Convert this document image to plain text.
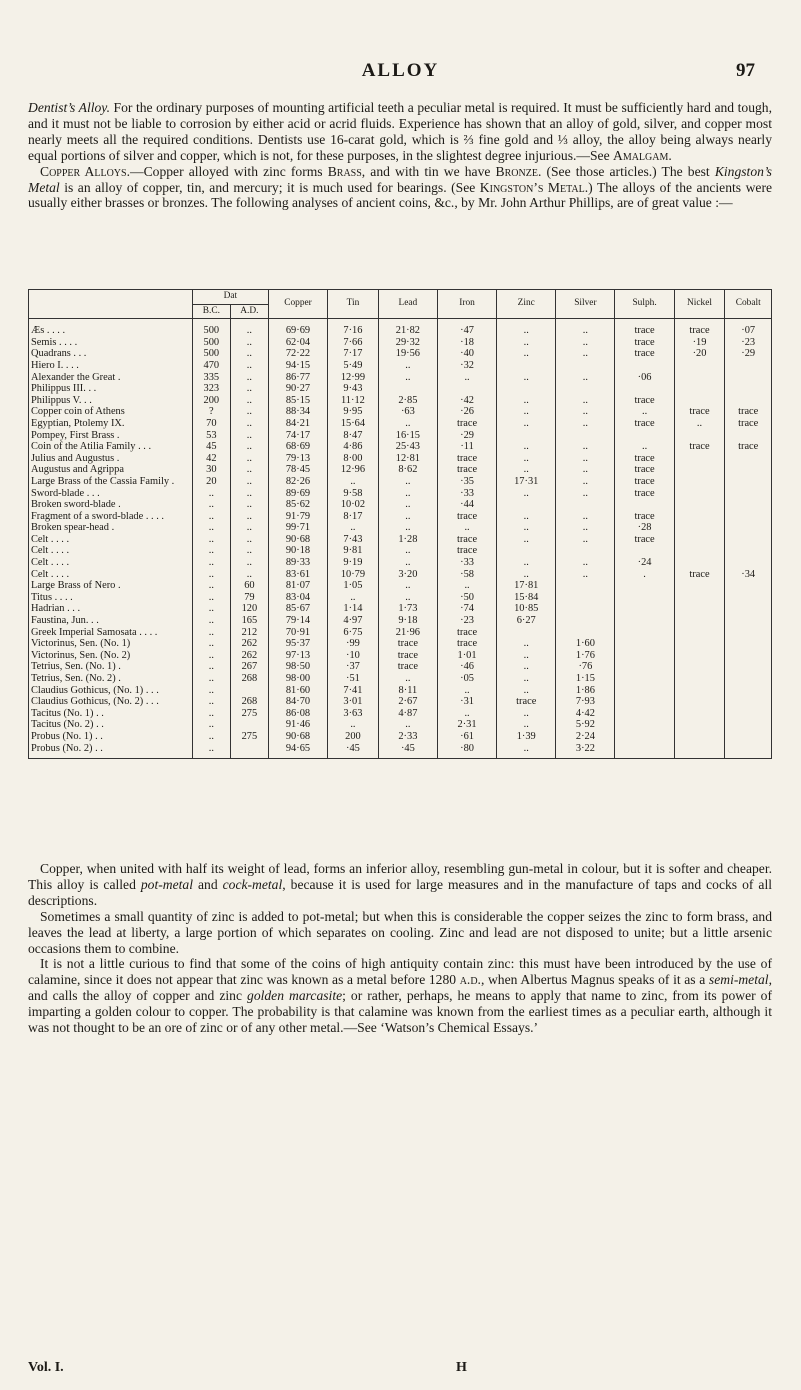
ALLOY	97

Dentist’s Alloy. For the ordinary purposes of mounting artificial teeth a peculiar metal is required. It must be sufficiently hard and tough, and it must not be liable to corrosion by either acid or acrid fluids. Experience has shown that an alloy of gold, silver, and copper most nearly meets all the required conditions. Dentists use 16-carat gold, which is ⅔ fine gold and ⅓ alloy, the alloy being always nearly equal portions of silver and copper, which is not, for these purposes, in the slightest degree injurious.—See Amalgam.

Copper Alloys.—Copper alloyed with zinc forms Brass, and with tin we have Bronze. (See those articles.) The best Kingston’s Metal is an alloy of copper, tin, and mercury; it is much used for bearings. (See Kingston’s Metal.) The alloys of the ancients were usually either brasses or bronzes. The following analyses of ancient coins, &c., by Mr. John Arthur Phillips, are of great value :—

	Dat		Copper	Tin	Lead	Iron	Zinc	Silver	Sulph.	Nickel	Cobalt
	B.C.	A.D.									
Æs . . . .	500	..	69·69	7·16	21·82	·47	..	..	trace	trace	·07
Semis . . . .	500	..	62·04	7·66	29·32	·18	..	..	trace	·19	·23
Quadrans . . .	500	..	72·22	7·17	19·56	·40	..	..	trace	·20	·29
Hiero I. . . .	470	..	94·15	5·49	..	·32					
Alexander the Great .	335	..	86·77	12·99	..	..	..	..	·06		
Philippus III. . .	323	..	90·27	9·43							
Philippus V. . .	200	..	85·15	11·12	2·85	·42	..	..	trace		
Copper coin of Athens	?	..	88·34	9·95	·63	·26	..	..	..	trace	trace
Egyptian, Ptolemy IX.	70	..	84·21	15·64	..	trace	..	..	trace	..	trace
Pompey, First Brass .	53	..	74·17	8·47	16·15	·29					
Coin of the Atilia Family . . .	45	..	68·69	4·86	25·43	·11	..	..	..	trace	trace
Julius and Augustus .	42	..	79·13	8·00	12·81	trace	..	..	trace		
Augustus and Agrippa	30	..	78·45	12·96	8·62	trace	..	..	trace		
Large Brass of the Cassia Family .	20	..	82·26	..	..	·35	17·31	..	trace		
Sword-blade . . .	..	..	89·69	9·58	..	·33	..	..	trace		
Broken sword-blade .	..	..	85·62	10·02	..	·44					
Fragment of a sword-blade . . . .	..	..	91·79	8·17	..	trace	..	..	trace		
Broken spear-head .	..	..	99·71	..	..	..	..	..	·28		
Celt . . . .	..	..	90·68	7·43	1·28	trace	..	..	trace		
Celt . . . .	..	..	90·18	9·81	..	trace					
Celt . . . .	..	..	89·33	9·19	..	·33	..	..	·24		
Celt . . . .	..	..	83·61	10·79	3·20	·58	..	..	.	trace	·34
Large Brass of Nero .	..	60	81·07	1·05	..	..	17·81				
Titus . . . .	..	79	83·04	..	..	·50	15·84				
Hadrian . . .	..	120	85·67	1·14	1·73	·74	10·85				
Faustina, Jun. . .	..	165	79·14	4·97	9·18	·23	6·27				
Greek Imperial Samosata . . . .	..	212	70·91	6·75	21·96	trace					
Victorinus, Sen. (No. 1)	..	262	95·37	·99	trace	trace	..	1·60			
Victorinus, Sen. (No. 2)	..	262	97·13	·10	trace	1·01	..	1·76			
Tetrius, Sen. (No. 1) .	..	267	98·50	·37	trace	·46	..	·76			
Tetrius, Sen. (No. 2) .	..	268	98·00	·51	..	·05	..	1·15			
Claudius Gothicus, (No. 1) . . .	..		81·60	7·41	8·11	..	..	1·86			
Claudius Gothicus, (No. 2) . . .	..	268	84·70	3·01	2·67	·31	trace	7·93			
Tacitus (No. 1) . .	..	275	86·08	3·63	4·87	..	..	4·42			
Tacitus (No. 2) . .	..		91·46	..	..	2·31	..	5·92			
Probus (No. 1) . .	..	275	90·68	200	2·33	·61	1·39	2·24			
Probus (No. 2) . .	..		94·65	·45	·45	·80	..	3·22			

Copper, when united with half its weight of lead, forms an inferior alloy, resembling gun-metal in colour, but it is softer and cheaper. This alloy is called pot-metal and cock-metal, because it is used for large measures and in the manufacture of taps and cocks of all descriptions.

Sometimes a small quantity of zinc is added to pot-metal; but when this is considerable the copper seizes the zinc to form brass, and leaves the lead at liberty, a large portion of which separates on cooling. Zinc and lead are not disposed to unite; but a little arsenic occasions them to combine.

It is not a little curious to find that some of the coins of high antiquity contain zinc: this must have been introduced by the use of calamine, since it does not appear that zinc was known as a metal before 1280 a.d., when Albertus Magnus speaks of it as a semi-metal, and calls the alloy of copper and zinc golden marcasite; or rather, perhaps, he means to apply that name to zinc, from its power of imparting a golden colour to copper. The probability is that calamine was known from the earliest times as a peculiar earth, although it was not thought to be an ore of zinc or of any other metal.—See ‘Watson’s Chemical Essays.’

Vol. I.	H
